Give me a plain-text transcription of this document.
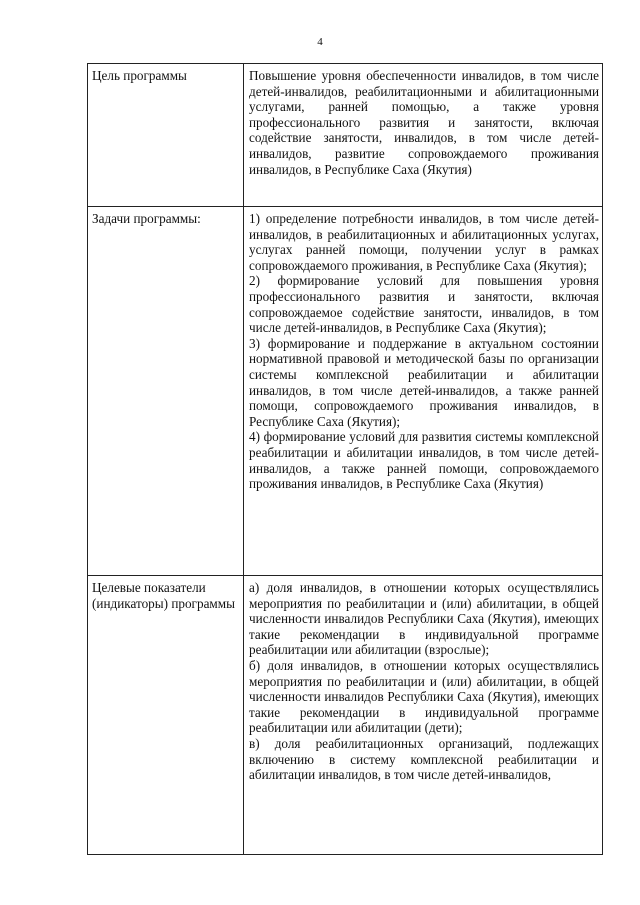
4
Цель программы	Повышение уровня обеспеченности инвалидов, в том числе детей-инвалидов, реабилитационными и абилитационными услугами, ранней помощью, а также уровня профессионального развития и занятости, включая содействие занятости, инвалидов, в том числе детей-инвалидов, развитие сопровождаемого проживания инвалидов, в Республике Саха (Якутия)

Задачи программы:	1) определение потребности инвалидов, в том числе детей-инвалидов, в реабилитационных и абилитационных услугах, услугах ранней помощи, получении услуг в рамках сопровождаемого проживания, в Республике Саха (Якутия);
2) формирование условий для повышения уровня профессионального развития и занятости, включая сопровождаемое содействие занятости, инвалидов, в том числе детей-инвалидов, в Республике Саха (Якутия);
3) формирование и поддержание в актуальном состоянии нормативной правовой и методической базы по организации системы комплексной реабилитации и абилитации инвалидов, в том числе детей-инвалидов, а также ранней помощи, сопровождаемого проживания инвалидов, в Республике Саха (Якутия);
4) формирование условий для развития системы комплексной реабилитации и абилитации инвалидов, в том числе детей-инвалидов, а также ранней помощи, сопровождаемого проживания инвалидов, в Республике Саха (Якутия)

Целевые показатели (индикаторы) программы	а) доля инвалидов, в отношении которых осуществлялись мероприятия по реабилитации и (или) абилитации, в общей численности инвалидов Республики Саха (Якутия), имеющих такие рекомендации в индивидуальной программе реабилитации или абилитации (взрослые);
б) доля инвалидов, в отношении которых осуществлялись мероприятия по реабилитации и (или) абилитации, в общей численности инвалидов Республики Саха (Якутия), имеющих такие рекомендации в индивидуальной программе реабилитации или абилитации (дети);
в) доля реабилитационных организаций, подлежащих включению в систему комплексной реабилитации и абилитации инвалидов, в том числе детей-инвалидов,
